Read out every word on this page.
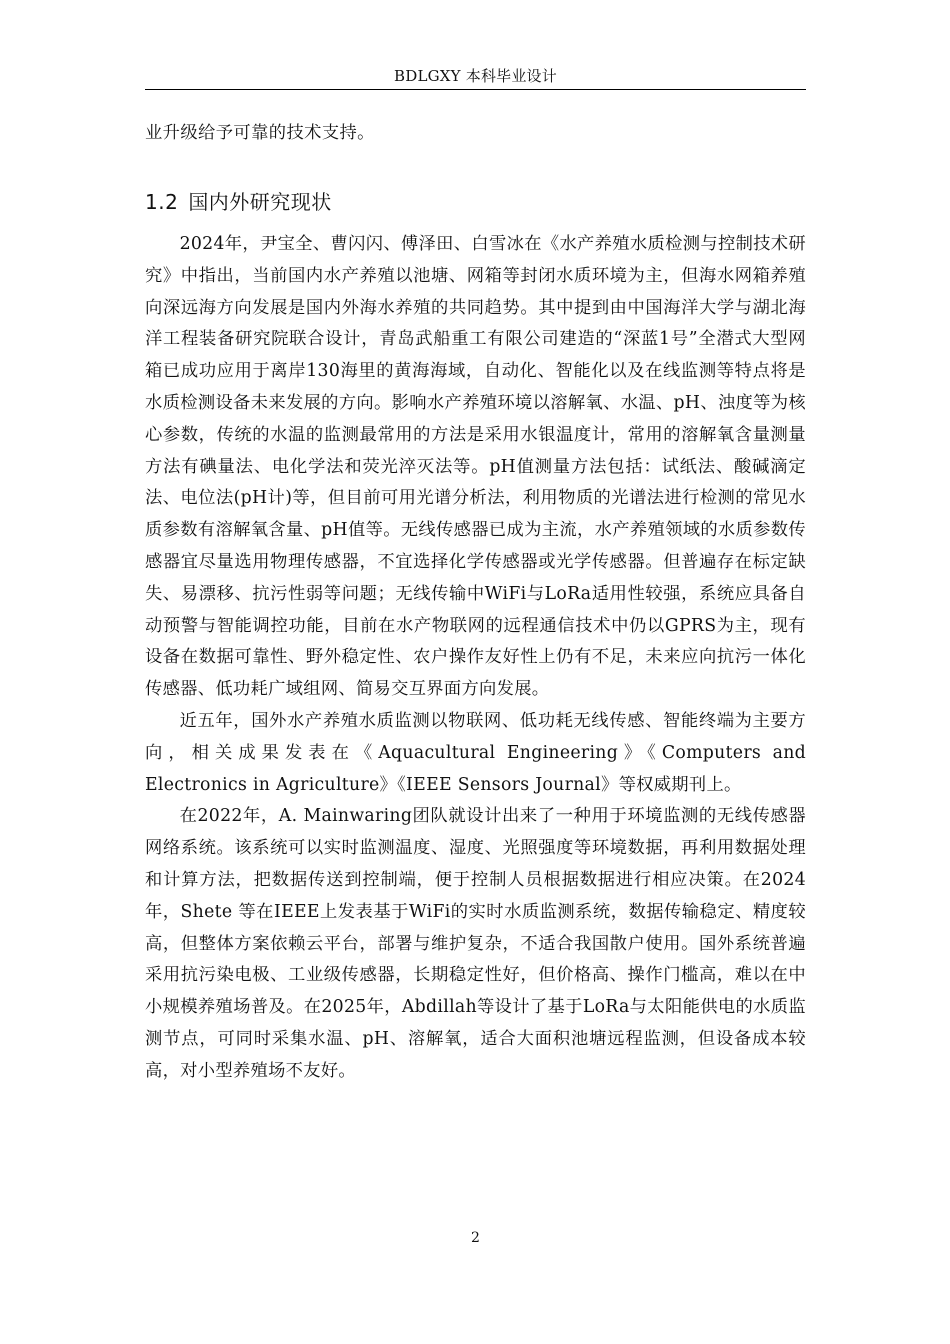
BDLGXY 本科毕业设计

业升级给予可靠的技术支持。

1.2 国内外研究现状

2024年，尹宝全、曹闪闪、傅泽田、白雪冰在《水产养殖水质检测与控制技术研究》中指出，当前国内水产养殖以池塘、网箱等封闭水质环境为主，但海水网箱养殖向深远海方向发展是国内外海水养殖的共同趋势。其中提到由中国海洋大学与湖北海洋工程装备研究院联合设计，青岛武船重工有限公司建造的“深蓝1号”全潜式大型网箱已成功应用于离岸130海里的黄海海域，自动化、智能化以及在线监测等特点将是水质检测设备未来发展的方向。影响水产养殖环境以溶解氧、水温、pH、浊度等为核心参数，传统的水温的监测最常用的方法是采用水银温度计，常用的溶解氧含量测量方法有碘量法、电化学法和荧光淬灭法等。pH值测量方法包括：试纸法、酸碱滴定法、电位法(pH计)等，但目前可用光谱分析法，利用物质的光谱法进行检测的常见水质参数有溶解氧含量、pH值等。无线传感器已成为主流，水产养殖领域的水质参数传感器宜尽量选用物理传感器，不宜选择化学传感器或光学传感器。但普遍存在标定缺失、易漂移、抗污性弱等问题；无线传输中WiFi与LoRa适用性较强，系统应具备自动预警与智能调控功能，目前在水产物联网的远程通信技术中仍以GPRS为主，现有设备在数据可靠性、野外稳定性、农户操作友好性上仍有不足，未来应向抗污一体化传感器、低功耗广域组网、简易交互界面方向发展。

近五年，国外水产养殖水质监测以物联网、低功耗无线传感、智能终端为主要方向，相关成果发表在《Aquacultural Engineering》《Computers and Electronics in Agriculture》《IEEE Sensors Journal》等权威期刊上。

在2022年，A. Mainwaring团队就设计出来了一种用于环境监测的无线传感器网络系统。该系统可以实时监测温度、湿度、光照强度等环境数据，再利用数据处理和计算方法，把数据传送到控制端，便于控制人员根据数据进行相应决策。在2024年，Shete 等在IEEE上发表基于WiFi的实时水质监测系统，数据传输稳定、精度较高，但整体方案依赖云平台，部署与维护复杂，不适合我国散户使用。国外系统普遍采用抗污染电极、工业级传感器，长期稳定性好，但价格高、操作门槛高，难以在中小规模养殖场普及。在2025年，Abdillah等设计了基于LoRa与太阳能供电的水质监测节点，可同时采集水温、pH、溶解氧，适合大面积池塘远程监测，但设备成本较高，对小型养殖场不友好。

2
